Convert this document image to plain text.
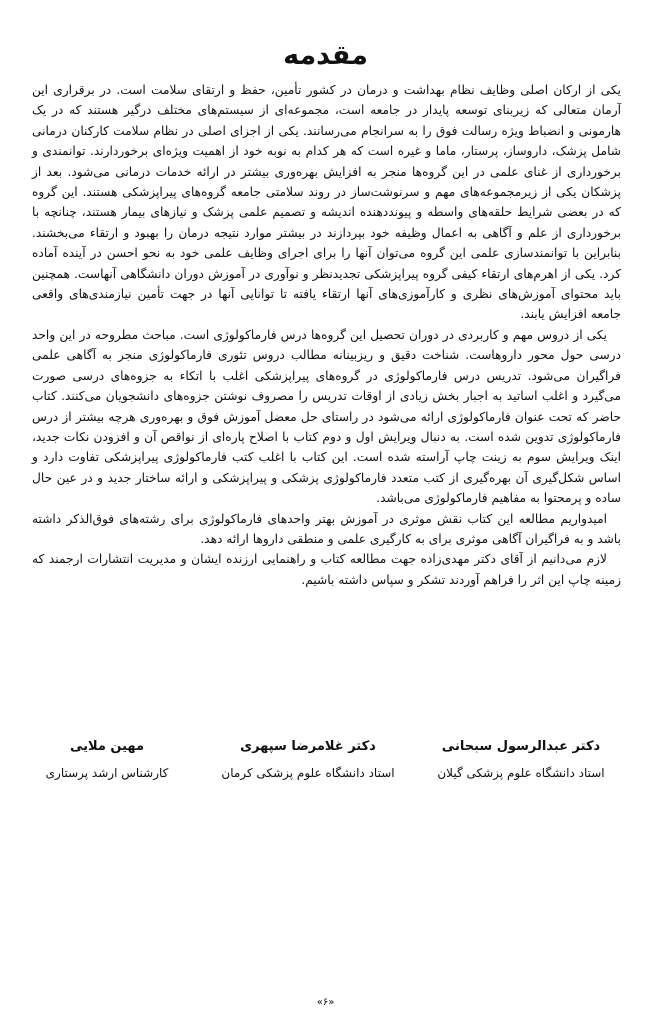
مقدمه

یکی از ارکان اصلی وظایف نظام بهداشت و درمان در کشور تأمین، حفظ و ارتقای سلامت است. در برقراری این آرمان متعالی که زیربنای توسعه پایدار در جامعه است، مجموعه‌ای از سیستم‌های مختلف درگیر هستند که در یک هارمونی و انضباط ویژه رسالت فوق را به سرانجام می‌رسانند. یکی از اجزای اصلی در نظام سلامت کارکنان درمانی شامل پزشک، داروساز، پرستار، ماما و غیره است که هر کدام به نوبه خود از اهمیت ویژه‌ای برخوردارند. توانمندی و برخورداری از غنای علمی در این گروه‌ها منجر به افزایش بهره‌وری بیشتر در ارائه خدمات درمانی می‌شود. بعد از پزشکان یکی از زیرمجموعه‌های مهم و سرنوشت‌ساز در روند سلامتی جامعه گروه‌های پیراپزشکی هستند. این گروه که در بعضی شرایط حلقه‌های واسطه و پیونددهنده اندیشه و تصمیم علمی پزشک و نیازهای بیمار هستند، چنانچه با برخورداری از علم و آگاهی به اعمال وظیفه خود بپردازند در بیشتر موارد نتیجه درمان را بهبود و ارتقاء می‌بخشند. بنابراین با توانمندسازی علمی این گروه می‌توان آنها را برای اجرای وظایف علمی خود به نحو احسن در آینده آماده کرد. یکی از اهرم‌های ارتقاء کیفی گروه پیراپزشکی تجدیدنظر و نوآوری در آموزش دوران دانشگاهی آنهاست. همچنین باید محتوای آموزش‌های نظری و کارآموزی‌های آنها ارتقاء یافته تا توانایی آنها در جهت تأمین نیازمندی‌های واقعی جامعه افزایش یابند.

یکی از دروس مهم و کاربردی در دوران تحصیل این گروه‌ها درس فارماکولوژی است. مباحث مطروحه در این واحد درسی حول محور داروهاست. شناخت دقیق و ریزبینانه مطالب دروس تئوری فارماکولوژی منجر به آگاهی علمی فراگیران می‌شود. تدریس درس فارماکولوژی در گروه‌های پیراپزشکی اغلب با اتکاء به جزوه‌های درسی صورت می‌گیرد و اغلب اساتید به اجبار بخش زیادی از اوقات تدریس را مصروف نوشتن جزوه‌های دانشجویان می‌کنند. کتاب حاضر که تحت عنوان فارماکولوژی ارائه می‌شود در راستای حل معضل آموزش فوق و بهره‌وری هرچه بیشتر از درس فارماکولوژی تدوین شده است. به دنبال ویرایش اول و دوم کتاب با اصلاح پاره‌ای از نواقص آن و افزودن نکات جدید، اینک ویرایش سوم به زینت چاپ آراسته شده است. این کتاب با اغلب کتب فارماکولوژی پیراپزشکی تفاوت دارد و اساس شکل‌گیری آن بهره‌گیری از کتب متعدد فارماکولوژی پزشکی و پیراپزشکی و ارائه ساختار جدید و در عین حال ساده و پرمحتوا به مفاهیم فارماکولوژی می‌باشد.

امیدواریم مطالعه این کتاب نقش موثری در آموزش بهتر واحدهای فارماکولوژی برای رشته‌های فوق‌الذکر داشته باشد و به فراگیران آگاهی موثری برای به کارگیری علمی و منطقی داروها ارائه دهد.

لازم می‌دانیم از آقای دکتر مهدی‌زاده جهت مطالعه کتاب و راهنمایی ارزنده ایشان و مدیریت انتشارات ارجمند که زمینه چاپ این اثر را فراهم آوردند تشکر و سپاس داشته باشیم.

دکتر عبدالرسول سبحانی
استاد دانشگاه علوم پزشکی گیلان
دکتر غلامرضا سپهری
استاد دانشگاه علوم پزشکی کرمان
مهین ملایی
کارشناس ارشد پرستاری
«۶»
